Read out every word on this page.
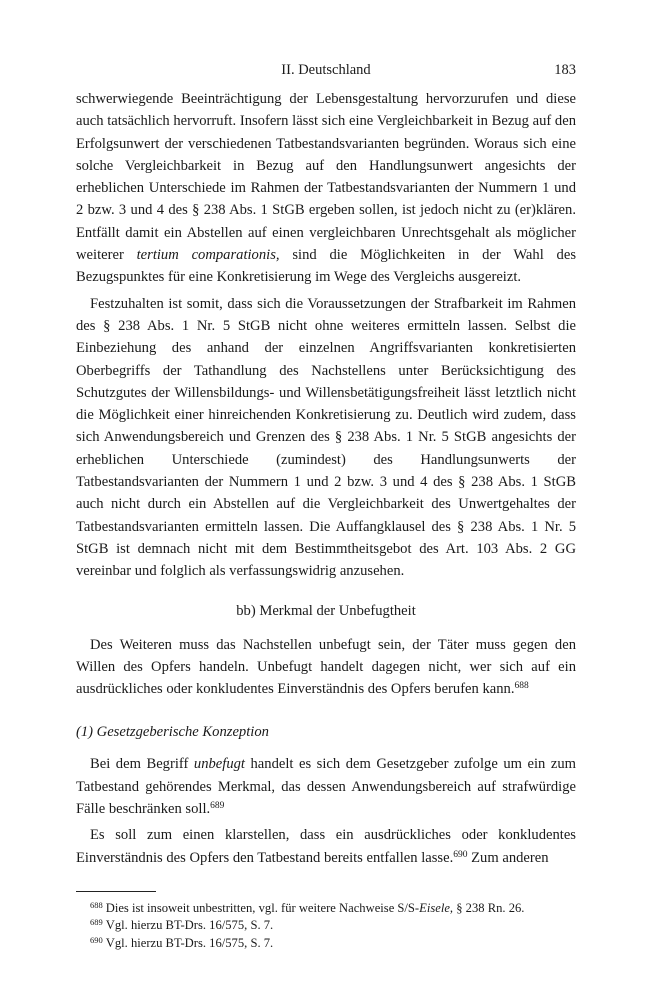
II. Deutschland	183

schwerwiegende Beeinträchtigung der Lebensgestaltung hervorzurufen und diese auch tatsächlich hervorruft. Insofern lässt sich eine Vergleichbarkeit in Bezug auf den Erfolgsunwert der verschiedenen Tatbestandsvarianten begründen. Woraus sich eine solche Vergleichbarkeit in Bezug auf den Handlungsunwert angesichts der erheblichen Unterschiede im Rahmen der Tatbestandsvarianten der Nummern 1 und 2 bzw. 3 und 4 des § 238 Abs. 1 StGB ergeben sollen, ist jedoch nicht zu (er)klären. Entfällt damit ein Abstellen auf einen vergleichbaren Unrechtsgehalt als möglicher weiterer tertium comparationis, sind die Möglichkeiten in der Wahl des Bezugspunktes für eine Konkretisierung im Wege des Vergleichs ausgereizt.

Festzuhalten ist somit, dass sich die Voraussetzungen der Strafbarkeit im Rahmen des § 238 Abs. 1 Nr. 5 StGB nicht ohne weiteres ermitteln lassen. Selbst die Einbeziehung des anhand der einzelnen Angriffsvarianten konkretisierten Oberbegriffs der Tathandlung des Nachstellens unter Berücksichtigung des Schutzgutes der Willensbildungs- und Willensbetätigungsfreiheit lässt letztlich nicht die Möglichkeit einer hinreichenden Konkretisierung zu. Deutlich wird zudem, dass sich Anwendungsbereich und Grenzen des § 238 Abs. 1 Nr. 5 StGB angesichts der erheblichen Unterschiede (zumindest) des Handlungsunwerts der Tatbestandsvarianten der Nummern 1 und 2 bzw. 3 und 4 des § 238 Abs. 1 StGB auch nicht durch ein Abstellen auf die Vergleichbarkeit des Unwertgehaltes der Tatbestandsvarianten ermitteln lassen. Die Auffangklausel des § 238 Abs. 1 Nr. 5 StGB ist demnach nicht mit dem Bestimmtheitsgebot des Art. 103 Abs. 2 GG vereinbar und folglich als verfassungswidrig anzusehen.

bb) Merkmal der Unbefugtheit

Des Weiteren muss das Nachstellen unbefugt sein, der Täter muss gegen den Willen des Opfers handeln. Unbefugt handelt dagegen nicht, wer sich auf ein ausdrückliches oder konkludentes Einverständnis des Opfers berufen kann.$^{688}$

(1) Gesetzgeberische Konzeption

Bei dem Begriff unbefugt handelt es sich dem Gesetzgeber zufolge um ein zum Tatbestand gehörendes Merkmal, das dessen Anwendungsbereich auf strafwürdige Fälle beschränken soll.$^{689}$

Es soll zum einen klarstellen, dass ein ausdrückliches oder konkludentes Einverständnis des Opfers den Tatbestand bereits entfallen lasse.$^{690}$ Zum anderen

$^{688}$ Dies ist insoweit unbestritten, vgl. für weitere Nachweise S/S-Eisele, § 238 Rn. 26.
$^{689}$ Vgl. hierzu BT-Drs. 16/575, S. 7.
$^{690}$ Vgl. hierzu BT-Drs. 16/575, S. 7.
